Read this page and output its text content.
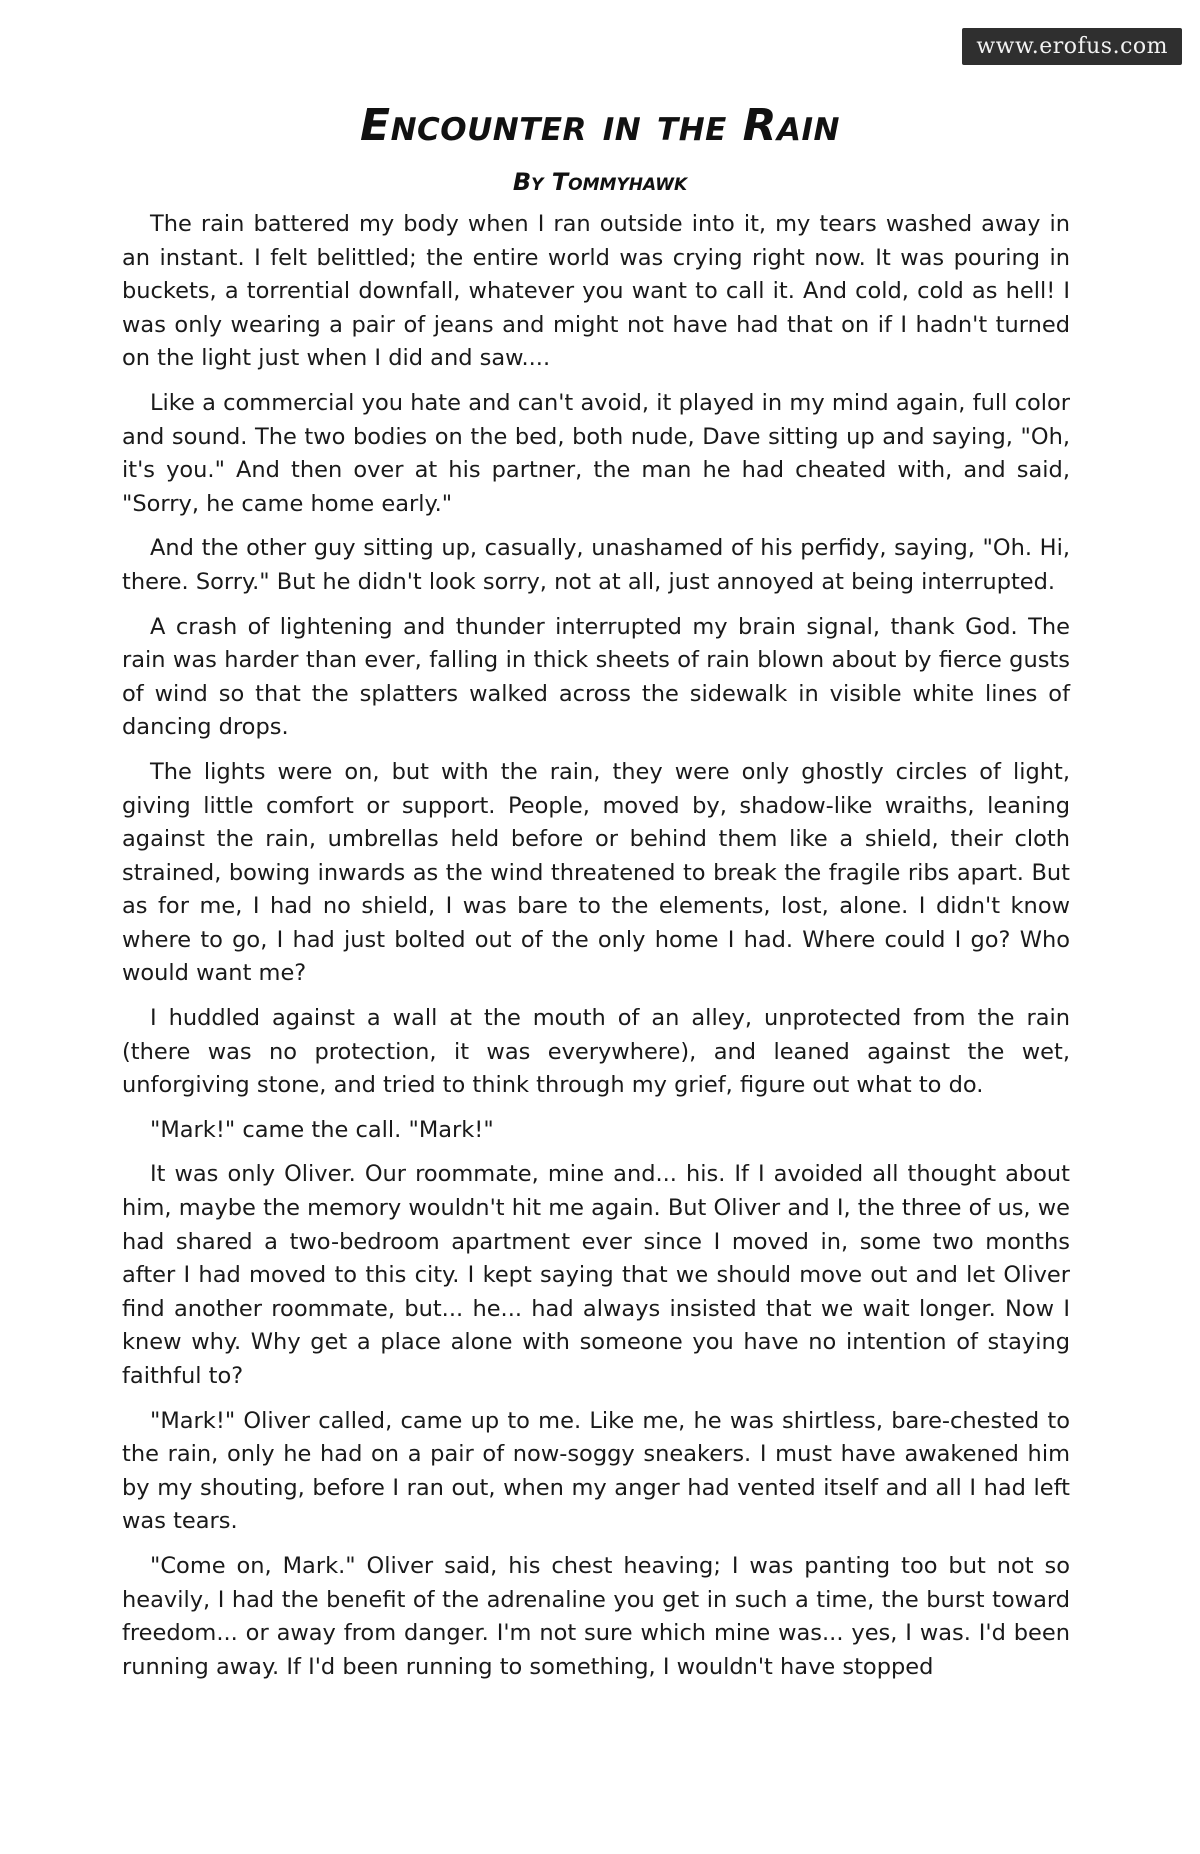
www.erofus.com
Encounter in the Rain
By Tommyhawk

The rain battered my body when I ran outside into it, my tears washed away in an instant. I felt belittled; the entire world was crying right now. It was pouring in buckets, a torrential downfall, whatever you want to call it. And cold, cold as hell! I was only wearing a pair of jeans and might not have had that on if I hadn't turned on the light just when I did and saw....

Like a commercial you hate and can't avoid, it played in my mind again, full color and sound. The two bodies on the bed, both nude, Dave sitting up and saying, "Oh, it's you." And then over at his partner, the man he had cheated with, and said, "Sorry, he came home early."

And the other guy sitting up, casually, unashamed of his perfidy, saying, "Oh. Hi, there. Sorry." But he didn't look sorry, not at all, just annoyed at being interrupted.

A crash of lightening and thunder interrupted my brain signal, thank God. The rain was harder than ever, falling in thick sheets of rain blown about by fierce gusts of wind so that the splatters walked across the sidewalk in visible white lines of dancing drops.

The lights were on, but with the rain, they were only ghostly circles of light, giving little comfort or support. People, moved by, shadow-like wraiths, leaning against the rain, umbrellas held before or behind them like a shield, their cloth strained, bowing inwards as the wind threatened to break the fragile ribs apart. But as for me, I had no shield, I was bare to the elements, lost, alone. I didn't know where to go, I had just bolted out of the only home I had. Where could I go? Who would want me?

I huddled against a wall at the mouth of an alley, unprotected from the rain (there was no protection, it was everywhere), and leaned against the wet, unforgiving stone, and tried to think through my grief, figure out what to do.

"Mark!" came the call. "Mark!"

It was only Oliver. Our roommate, mine and... his. If I avoided all thought about him, maybe the memory wouldn't hit me again. But Oliver and I, the three of us, we had shared a two-bedroom apartment ever since I moved in, some two months after I had moved to this city. I kept saying that we should move out and let Oliver find another roommate, but... he... had always insisted that we wait longer. Now I knew why. Why get a place alone with someone you have no intention of staying faithful to?

"Mark!" Oliver called, came up to me. Like me, he was shirtless, bare-chested to the rain, only he had on a pair of now-soggy sneakers. I must have awakened him by my shouting, before I ran out, when my anger had vented itself and all I had left was tears.

"Come on, Mark." Oliver said, his chest heaving; I was panting too but not so heavily, I had the benefit of the adrenaline you get in such a time, the burst toward freedom... or away from danger. I'm not sure which mine was... yes, I was. I'd been running away. If I'd been running to something, I wouldn't have stopped
